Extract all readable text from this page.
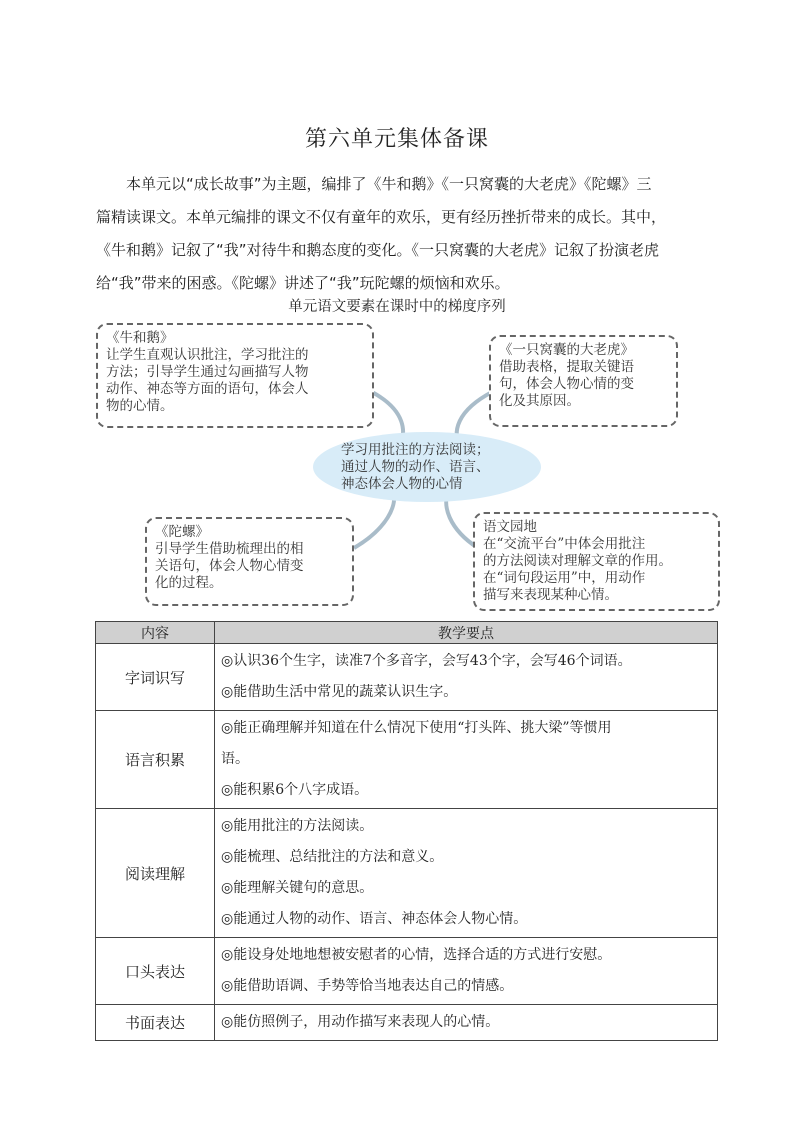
第六单元集体备课

本单元以“成长故事”为主题，编排了《牛和鹅》《一只窝囊的大老虎》《陀螺》三
篇精读课文。本单元编排的课文不仅有童年的欢乐，更有经历挫折带来的成长。其中，
《牛和鹅》记叙了“我”对待牛和鹅态度的变化。《一只窝囊的大老虎》记叙了扮演老虎
给“我”带来的困惑。《陀螺》讲述了“我”玩陀螺的烦恼和欢乐。

单元语文要素在课时中的梯度序列
《牛和鹅》
让学生直观认识批注，学习批注的
方法；引导学生通过勾画描写人物
动作、神态等方面的语句，体会人
物的心情。
《一只窝囊的大老虎》
借助表格，提取关键语
句，体会人物心情的变
化及其原因。
学习用批注的方法阅读；
通过人物的动作、语言、
神态体会人物的心情
《陀螺》
引导学生借助梳理出的相
关语句，体会人物心情变
化的过程。
语文园地
在“交流平台”中体会用批注
的方法阅读对理解文章的作用。
在“词句段运用”中，用动作
描写来表现某种心情。
内容	教学要点
字词识写	◎认识36个生字，读准7个多音字，会写43个字，会写46个词语。
◎能借助生活中常见的蔬菜认识生字。

语言积累	◎能正确理解并知道在什么情况下使用“打头阵、挑大梁”等惯用
语。
◎能积累6个八字成语。

阅读理解	◎能用批注的方法阅读。
◎能梳理、总结批注的方法和意义。
◎能理解关键句的意思。
◎能通过人物的动作、语言、神态体会人物心情。

口头表达	◎能设身处地地想被安慰者的心情，选择合适的方式进行安慰。
◎能借助语调、手势等恰当地表达自己的情感。

书面表达	◎能仿照例子，用动作描写来表现人的心情。
